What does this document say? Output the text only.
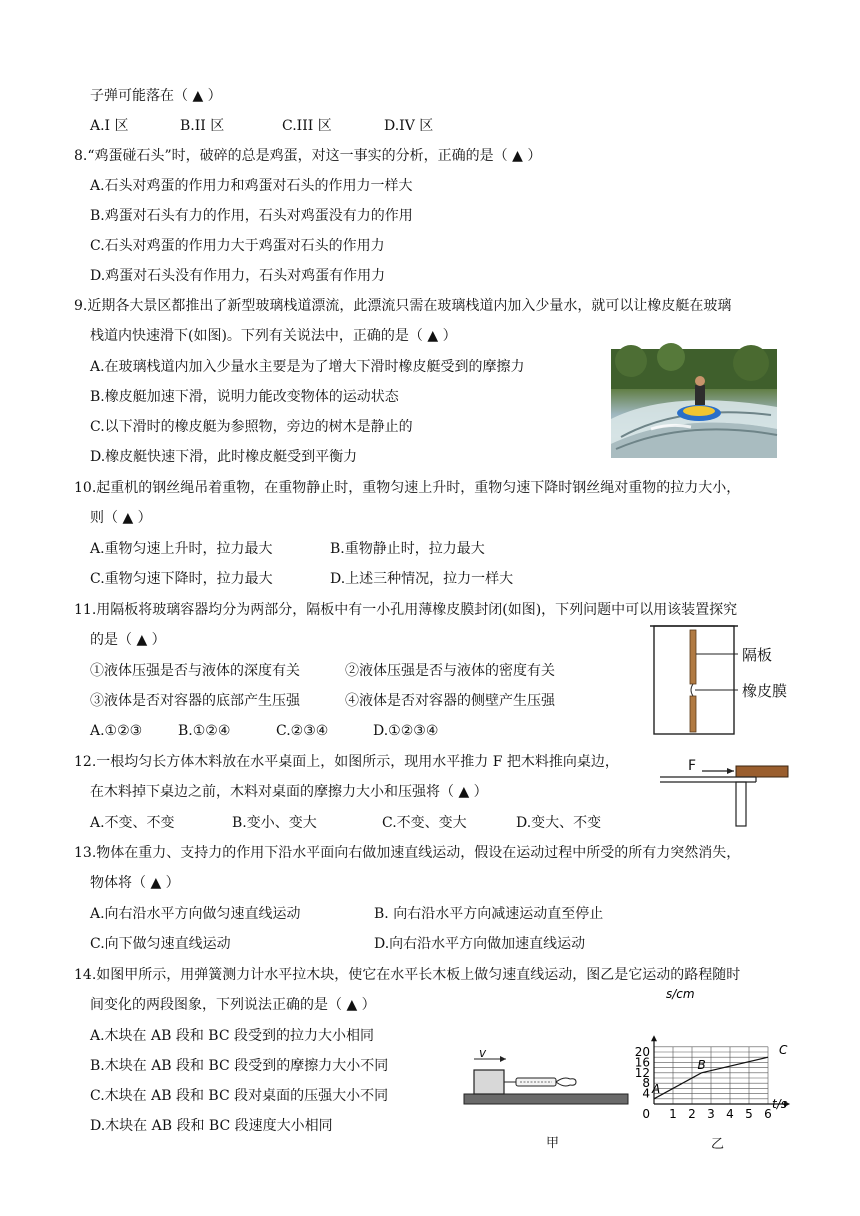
子弹可能落在（ ▲ ）
A.I 区	B.II 区	C.III 区	D.IV 区
8.“鸡蛋碰石头”时，破碎的总是鸡蛋，对这一事实的分析，正确的是（ ▲ ）
A.石头对鸡蛋的作用力和鸡蛋对石头的作用力一样大
B.鸡蛋对石头有力的作用，石头对鸡蛋没有力的作用
C.石头对鸡蛋的作用力大于鸡蛋对石头的作用力
D.鸡蛋对石头没有作用力，石头对鸡蛋有作用力
9.近期各大景区都推出了新型玻璃栈道漂流，此漂流只需在玻璃栈道内加入少量水，就可以让橡皮艇在玻璃
栈道内快速滑下(如图)。下列有关说法中，正确的是（ ▲ ）
A.在玻璃栈道内加入少量水主要是为了增大下滑时橡皮艇受到的摩擦力
B.橡皮艇加速下滑，说明力能改变物体的运动状态
C.以下滑时的橡皮艇为参照物，旁边的树木是静止的
D.橡皮艇快速下滑，此时橡皮艇受到平衡力
10.起重机的钢丝绳吊着重物，在重物静止时，重物匀速上升时，重物匀速下降时钢丝绳对重物的拉力大小，
则（ ▲ ）
A.重物匀速上升时，拉力最大	B.重物静止时，拉力最大
C.重物匀速下降时，拉力最大	D.上述三种情况，拉力一样大
11.用隔板将玻璃容器均分为两部分，隔板中有一小孔用薄橡皮膜封闭(如图)，下列问题中可以用该装置探究
的是（ ▲ ）
①液体压强是否与液体的深度有关	②液体压强是否与液体的密度有关
③液体是否对容器的底部产生压强	④液体是否对容器的侧壁产生压强
A.①②③	B.①②④	C.②③④	D.①②③④
隔板
橡皮膜
12.一根均匀长方体木料放在水平桌面上，如图所示，现用水平推力 F 把木料推向桌边，
在木料掉下桌边之前，木料对桌面的摩擦力大小和压强将（ ▲ ）
A.不变、不变	B.变小、变大	C.不变、变大	D.变大、不变
F
13.物体在重力、支持力的作用下沿水平面向右做加速直线运动，假设在运动过程中所受的所有力突然消失，
物体将（ ▲ ）
A.向右沿水平方向做匀速直线运动	B. 向右沿水平方向减速运动直至停止
C.向下做匀速直线运动	D.向右沿水平方向做加速直线运动
14.如图甲所示，用弹簧测力计水平拉木块，使它在水平长木板上做匀速直线运动，图乙是它运动的路程随时
间变化的两段图象，下列说法正确的是（ ▲ ）
A.木块在 AB 段和 BC 段受到的拉力大小相同
B.木块在 AB 段和 BC 段受到的摩擦力大小不同
C.木块在 AB 段和 BC 段对桌面的压强大小不同
D.木块在 AB 段和 BC 段速度大小相同
v
甲
0
4
8
12
16
20
1 2 3 4 5 6
A
B
C
s/cm
t/s
乙
